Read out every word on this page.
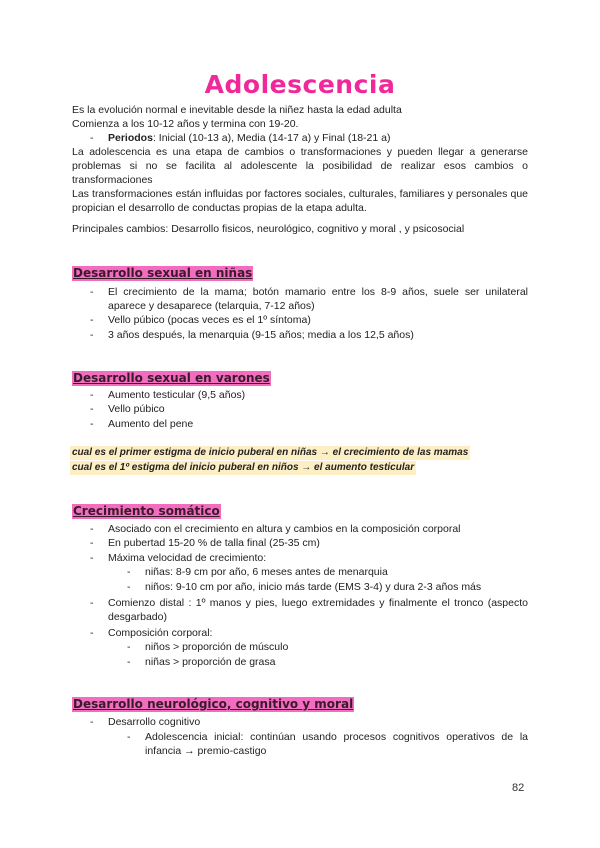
Adolescencia

Es la evolución normal e inevitable desde la niñez hasta la edad adulta

Comienza a los 10-12 años y termina con 19-20.

- Periodos: Inicial (10-13 a), Media (14-17 a) y Final (18-21 a)

La adolescencia es una etapa de cambios o transformaciones y pueden llegar a generarse problemas si no se facilita al adolescente la posibilidad de realizar esos cambios o transformaciones

Las transformaciones están influidas por factores sociales, culturales, familiares y personales que propician el desarrollo de conductas propias de la etapa adulta.

Principales cambios: Desarrollo fisicos, neurológico, cognitivo y moral , y psicosocial

Desarrollo sexual en niñas
- El crecimiento de la mama; botón mamario entre los 8-9 años, suele ser unilateral aparece y desaparece (telarquia, 7-12 años)

- Vello púbico (pocas veces es el 1º síntoma)

- 3 años después, la menarquia (9-15 años; media a los 12,5 años)

Desarrollo sexual en varones
- Aumento testicular (9,5 años)

- Vello púbico

- Aumento del pene

cual es el primer estigma de inicio puberal en niñas → el crecimiento de las mamas
cual es el 1º estigma del inicio puberal en niños → el aumento testicular
Crecimiento somático
- Asociado con el crecimiento en altura y cambios en la composición corporal

- En pubertad 15-20 % de talla final (25-35 cm)

- Máxima velocidad de crecimiento:

- niñas: 8-9 cm por año, 6 meses antes de menarquia

- niños: 9-10 cm por año, inicio más tarde (EMS 3-4) y dura 2-3 años más

- Comienzo distal : 1º manos y pies, luego extremidades y finalmente el tronco (aspecto desgarbado)

- Composición corporal:

- niños > proporción de músculo

- niñas > proporción de grasa

Desarrollo neurológico, cognitivo y moral
- Desarrollo cognitivo

- Adolescencia inicial: continúan usando procesos cognitivos operativos de la infancia → premio-castigo

82
